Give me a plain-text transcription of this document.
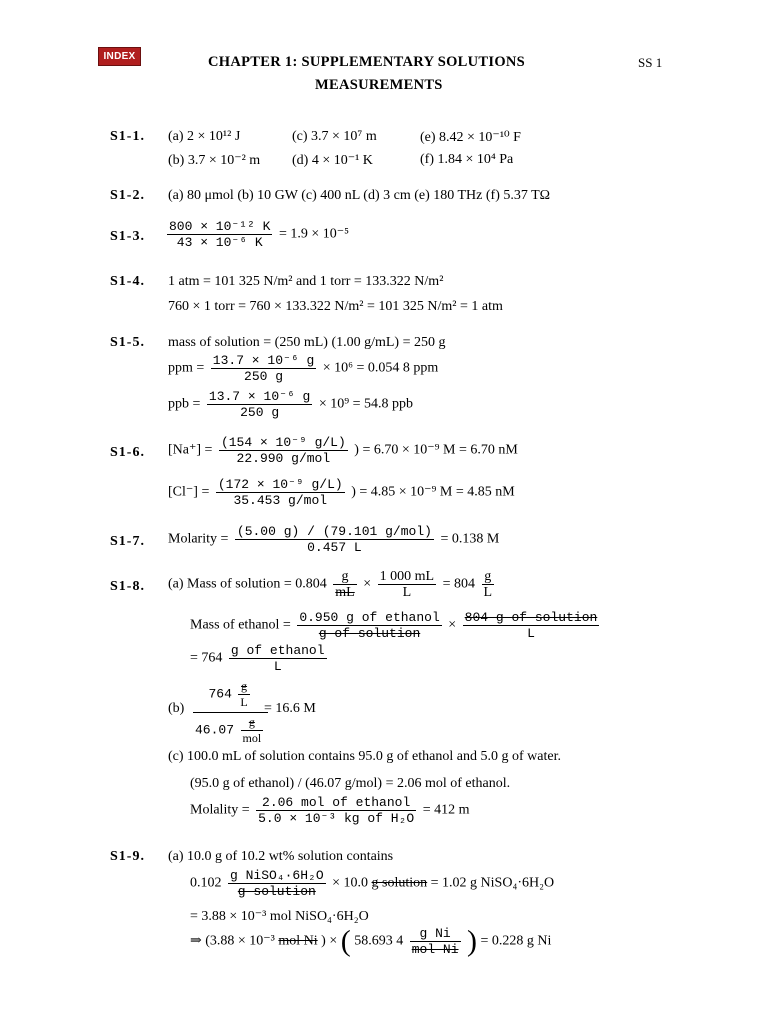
INDEX	CHAPTER 1: SUPPLEMENTARY SOLUTIONS
MEASUREMENTS
SS 1
S1-1. (a) 2 × 10¹² J
(b) 3.7 × 10⁻² m
(c) 3.7 × 10⁷ m
(d) 4 × 10⁻¹ K
(e) 8.42 × 10⁻¹⁰ F
(f) 1.84 × 10⁴ Pa
S1-2. (a) 80 μmol (b) 10 GW (c) 400 nL (d) 3 cm (e) 180 THz (f) 5.37 TΩ
S1-3. $\frac{\text{800 × 10⁻¹² K}}{\text{43 × 10⁻⁶ K}} = 1.9 \times 10^{-5}$
S1-4. 1 atm = 101 325 N/m² and 1 torr = 133.322 N/m²
760 × 1 torr = 760 × 133.322 N/m² = 101 325 N/m² = 1 atm
S1-5. mass of solution = (250 mL) (1.00 g/mL) = 250 g
ppm = $\frac{\text{13.7 × 10⁻⁶ g}}{250 g} \times 10^6 = 0.054$ 8 ppm
ppb = $\frac{\text{13.7 × 10⁻⁶ g}}{250 g} \times 10^9 = 54.8$ ppb
S1-6. $[Na^+] = \frac{\text{(154 × 10⁻⁹ g/L)}}{\text{22.990 g/mol}}$ ) = 6.70 × 10⁻⁹ M = 6.70 nM
$[Cl^-] = \frac{\text{(172 × 10⁻⁹ g/L)}}{\text{35.453 g/mol}}$ ) = 4.85 × 10⁻⁹ M = 4.85 nM
S1-7. Molarity = $\frac{\text{(5.00 g) / (79.101 g/mol)}}{0.457 L} = 0.138$ M
S1-8. (a) Mass of solution = $0.804 \frac{g}{mL} \times \frac{1 000 mL}{L} = 804 \frac{g}{L}$
Mass of ethanol = $\frac{\text{0.950 g of ethanol}}{\text{g of solution}} \times \frac{\text{804 g of solution}}{L}$
= $764 \frac{\text{g of ethanol}}{L}$
$(b) \frac{764 \frac{g}{L}}{46.07 \frac{g}{\text{mol}}}$
= 16.6 M
(c) 100.0 mL of solution contains 95.0 g of ethanol and 5.0 g of water.
(95.0 g of ethanol) / (46.07 g/mol) = 2.06 mol of ethanol.
Molality = $\frac{\text{2.06 mol of ethanol}}{\text{5.0 × 10⁻³ kg of H₂O}} = 412$ m
S1-9. (a) 10.0 g of 10.2 wt% solution contains
$0.102 \frac{\text{g NiSO₄·6H₂O}}{\text{g solution}} \times 10.0$ g solution = 1.02 g NiSO₄·6H₂O
= 3.88 × 10⁻³ mol NiSO₄·6H₂O
⇒ (3.88 × 10⁻³ mol Ni ) × ( 58.693 $4 \frac{\text{g Ni}}{\text{mol Ni}}$ ) = 0.228 g Ni
